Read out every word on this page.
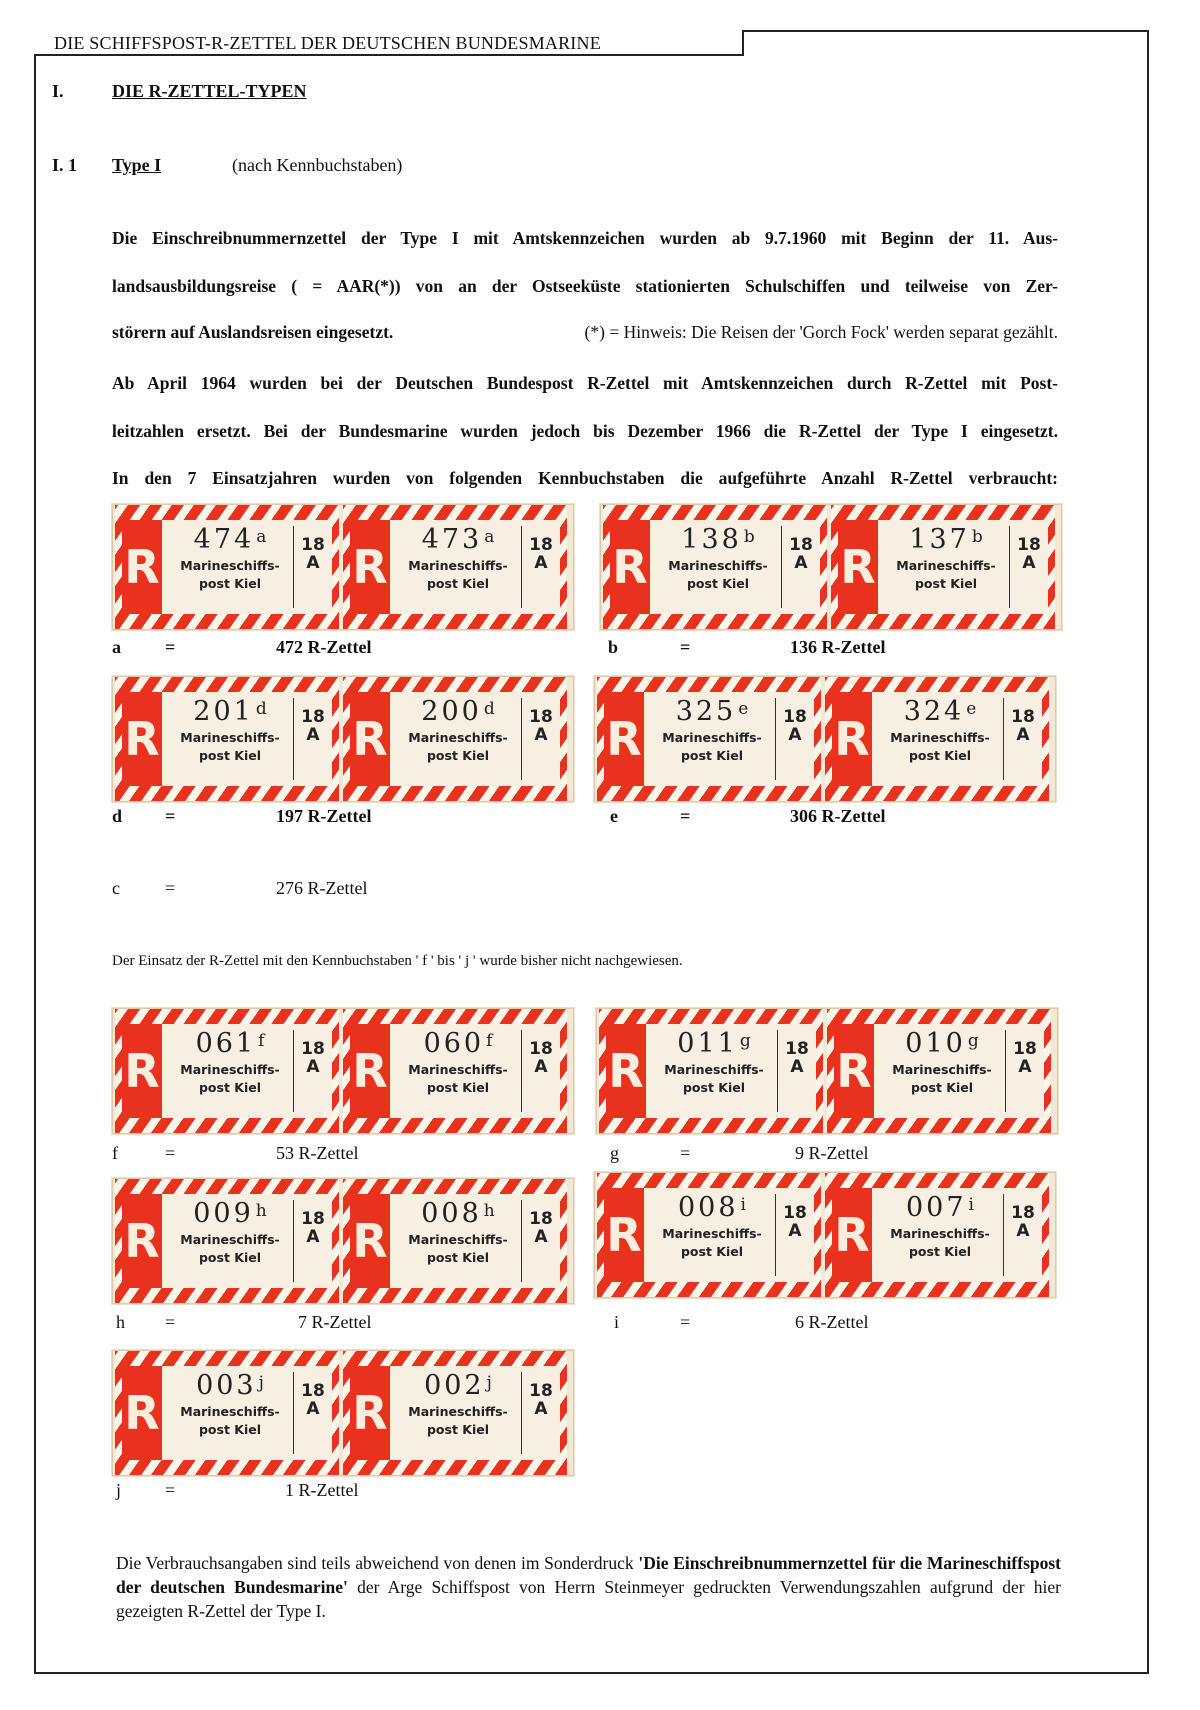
DIE SCHIFFSPOST-R-ZETTEL DER DEUTSCHEN BUNDESMARINE
I.	DIE R-ZETTEL-TYPEN
I. 1 Type I	(nach Kennbuchstaben)
Die Einschreibnummernzettel der Type I mit Amtskennzeichen wurden ab 9.7.1960 mit Beginn der 11. Aus-
landsausbildungsreise ( = AAR(*)) von an der Ostseeküste stationierten Schulschiffen und teilweise von Zer-
störern auf Auslandsreisen eingesetzt.	(*) = Hinweis: Die Reisen der 'Gorch Fock' werden separat gezählt.
Ab April 1964 wurden bei der Deutschen Bundespost R-Zettel mit Amtskennzeichen durch R-Zettel mit Post-
leitzahlen ersetzt. Bei der Bundesmarine wurden jedoch bis Dezember 1966 die R-Zettel der Type I eingesetzt.
In den 7 Einsatzjahren wurden von folgenden Kennbuchstaben die aufgeführte Anzahl R-Zettel verbraucht:
R
474 $^a$
Marineschiffs-
post Kiel
18
A R
473 $^a$
Marineschiffs-
post Kiel
18
A R
138 $^b$
Marineschiffs-
post Kiel
18
A R
137 $^b$
Marineschiffs-
post Kiel
18
A
R
201 $^d$
Marineschiffs-
post Kiel
18
A R
200 $^d$
Marineschiffs-
post Kiel
18
A R
325 $^e$
Marineschiffs-
post Kiel
18
A R
324 $^e$
Marineschiffs-
post Kiel
18
A
R
061 $^f$
Marineschiffs-
post Kiel
18
A R
060 $^f$
Marineschiffs-
post Kiel
18
A R
011 $^g$
Marineschiffs-
post Kiel
18
A R
010 $^g$
Marineschiffs-
post Kiel
18
A
R
009 $^h$
Marineschiffs-
post Kiel
18
A R
008 $^h$
Marineschiffs-
post Kiel
18
A R
008 $^i$
Marineschiffs-
post Kiel
18
A R
007 $^i$
Marineschiffs-
post Kiel
18
A
R
003 $^j$
Marineschiffs-
post Kiel
18
A R
002 $^j$
Marineschiffs-
post Kiel
18
A
a =	472 R-Zettel	b	=	136 R-Zettel
d =	197 R-Zettel	e	=	306 R-Zettel
c	=	276 R-Zettel
Der Einsatz der R-Zettel mit den Kennbuchstaben ' f ' bis ' j ' wurde bisher nicht nachgewiesen.
f	=	53 R-Zettel	g	=	9 R-Zettel
h =	7 R-Zettel	i	=	6 R-Zettel
j =	1 R-Zettel
Die Verbrauchsangaben sind teils abweichend von denen im Sonderdruck 'Die Einschreibnummernzettel für die Marineschiffspost der deutschen Bundesmarine' der Arge Schiffspost von Herrn Steinmeyer gedruckten Verwendungszahlen aufgrund der hier gezeigten R-Zettel der Type I.
